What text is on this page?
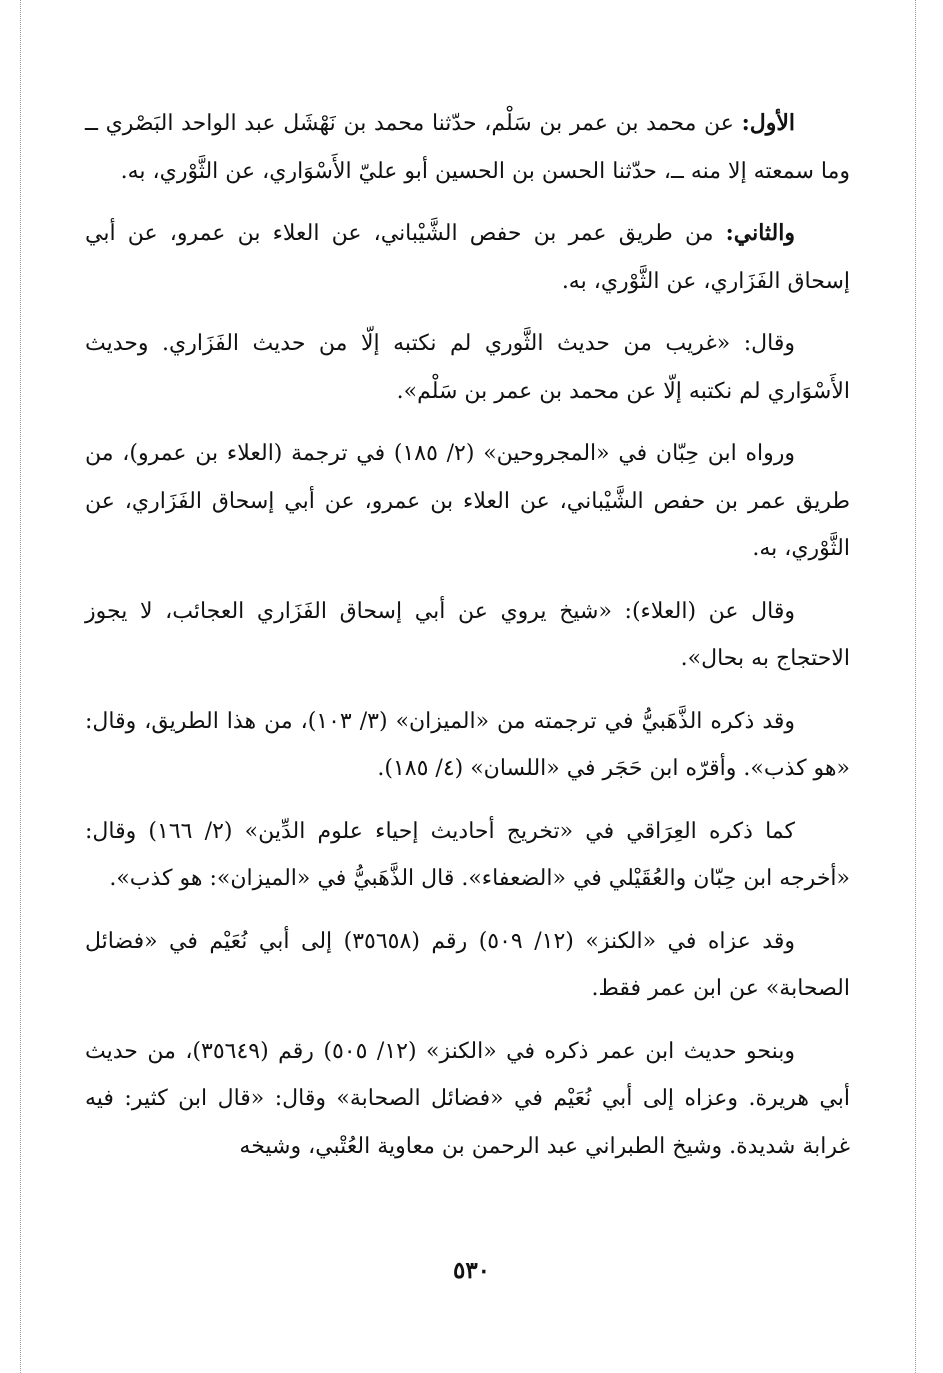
الأول: عن محمد بن عمر بن سَلْم، حدّثنا محمد بن نَهْشَل عبد الواحد البَصْري ــ وما سمعته إلا منه ــ، حدّثنا الحسن بن الحسين أبو عليّ الأَسْوَاري، عن الثَّوْري، به.

والثاني: من طريق عمر بن حفص الشَّيْباني، عن العلاء بن عمرو، عن أبي إسحاق الفَزَاري، عن الثَّوْري، به.

وقال: «غريب من حديث الثَّوري لم نكتبه إلّا من حديث الفَزَاري. وحديث الأَسْوَاري لم نكتبه إلّا عن محمد بن عمر بن سَلْم».

ورواه ابن حِبّان في «المجروحين» (٢/ ١٨٥) في ترجمة (العلاء بن عمرو)، من طريق عمر بن حفص الشَّيْباني، عن العلاء بن عمرو، عن أبي إسحاق الفَزَاري، عن الثَّوْري، به.

وقال عن (العلاء): «شيخ يروي عن أبي إسحاق الفَزَاري العجائب، لا يجوز الاحتجاج به بحال».

وقد ذكره الذَّهَبيُّ في ترجمته من «الميزان» (٣/ ١٠٣)، من هذا الطريق، وقال: «هو كذب». وأقرّه ابن حَجَر في «اللسان» (٤/ ١٨٥).

كما ذكره العِرَاقي في «تخريج أحاديث إحياء علوم الدِّين» (٢/ ١٦٦) وقال: «أخرجه ابن حِبّان والعُقَيْلي في «الضعفاء». قال الذَّهَبيُّ في «الميزان»: هو كذب».

وقد عزاه في «الكنز» (١٢/ ٥٠٩) رقم (٣٥٦٥٨) إلى أبي نُعَيْم في «فضائل الصحابة» عن ابن عمر فقط.

وبنحو حديث ابن عمر ذكره في «الكنز» (١٢/ ٥٠٥) رقم (٣٥٦٤٩)، من حديث أبي هريرة. وعزاه إلى أبي نُعَيْم في «فضائل الصحابة» وقال: «قال ابن كثير: فيه غرابة شديدة. وشيخ الطبراني عبد الرحمن بن معاوية العُتْبي، وشيخه

٥٣٠
